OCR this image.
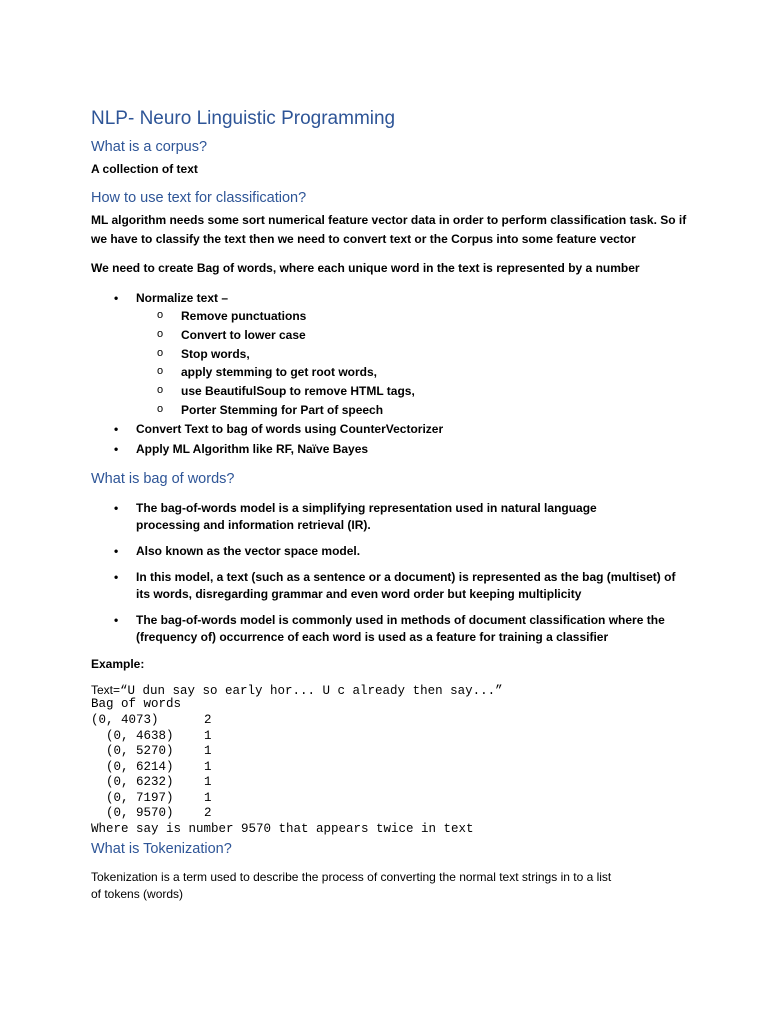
NLP- Neuro Linguistic Programming
What is a corpus?

A collection of text

How to use text for classification?

ML algorithm needs some sort numerical feature vector data in order to perform classification task. So if

we have to classify the text then we need to convert text or the Corpus into some feature vector

We need to create Bag of words, where each unique word in the text is represented by a number

• Normalize text –

o Remove punctuations

o Convert to lower case

o Stop words,

o apply stemming to get root words,

o use BeautifulSoup to remove HTML tags,

o Porter Stemming for Part of speech

• Convert Text to bag of words using CounterVectorizer

• Apply ML Algorithm like RF, Naïve Bayes

What is bag of words?

• The bag-of-words model is a simplifying representation used in natural language

processing and information retrieval (IR).

• Also known as the vector space model.

• In this model, a text (such as a sentence or a document) is represented as the bag (multiset) of

its words, disregarding grammar and even word order but keeping multiplicity

• The bag-of-words model is commonly used in methods of document classification where the

(frequency of) occurrence of each word is used as a feature for training a classifier

Example:

Text=“U dun say so early hor... U c already then say...”

Bag of words

(0, 4073)	2

(0, 4638) 1

(0, 5270) 1

(0, 6214) 1

(0, 6232) 1

(0, 7197) 1

(0, 9570) 2

Where say is number 9570 that appears twice in text

What is Tokenization?

Tokenization is a term used to describe the process of converting the normal text strings in to a list

of tokens (words)
